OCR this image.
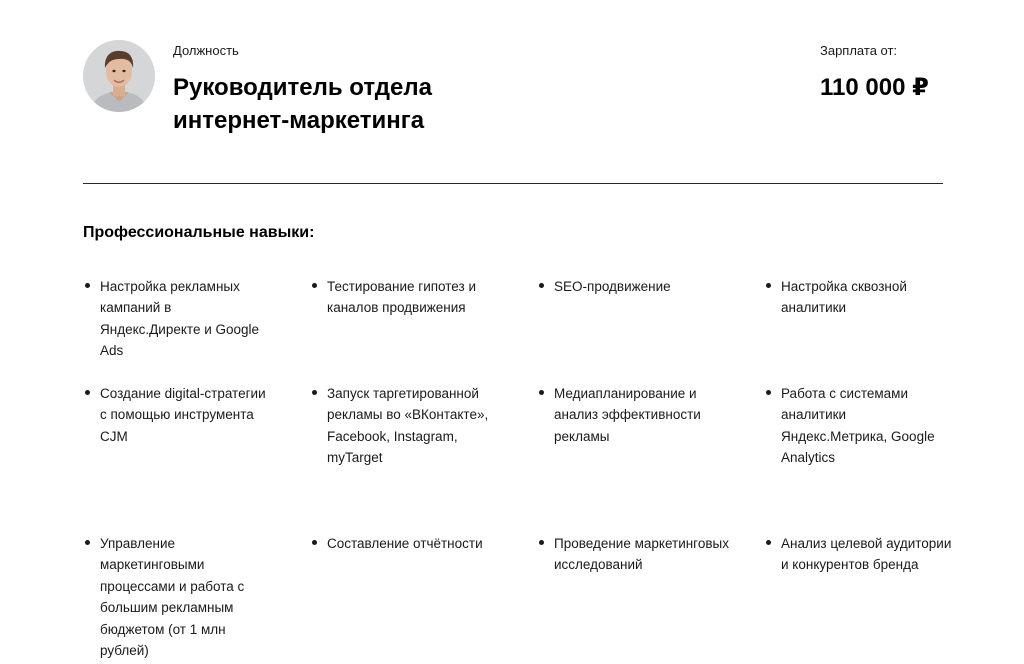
Должность
Руководитель отдела интернет-маркетинга
Зарплата от:
110 000 ₽
Профессиональные навыки:
Настройка рекламных кампаний в Яндекс.Директе и Google Ads
Тестирование гипотез и каналов продвижения
SEO-продвижение	Настройка сквозной аналитики
Создание digital-стратегии с помощью инструмента CJM
Запуск таргетированной рекламы во «ВКонтакте», Facebook, Instagram, myTarget
Медиапланирование и анализ эффективности рекламы
Работа с системами аналитики Яндекс.Метрика, Google Analytics
Управление маркетинговыми процессами и работа с большим рекламным бюджетом (от 1 млн рублей)
Составление отчётности	Проведение маркетинговых исследований
Анализ целевой аудитории и конкурентов бренда
